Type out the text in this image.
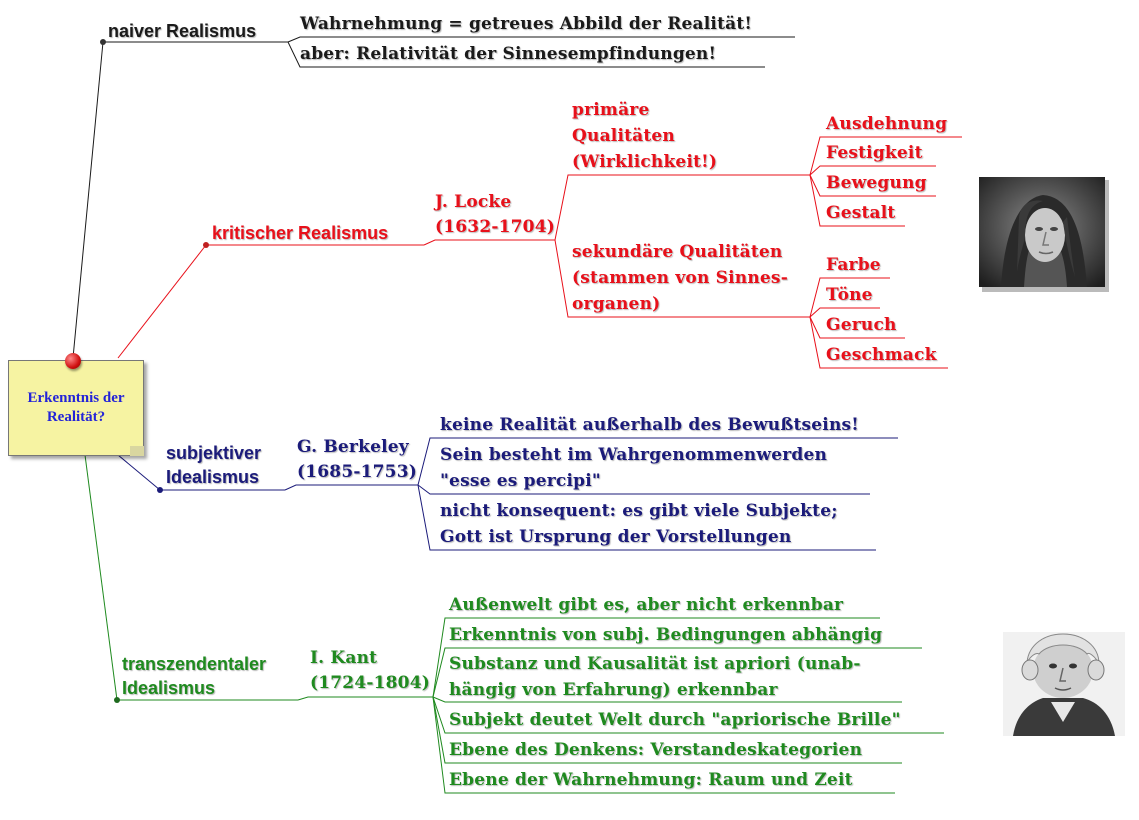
Erkenntnis der
Realität?
naiver Realismus	Wahrnehmung = getreues Abbild der Realität!
aber: Relativität der Sinnesempfindungen!
kritischer Realismus
J. Locke
(1632-1704)
primäre
Qualitäten
(Wirklichkeit!)
sekundäre Qualitäten
(stammen von Sinnes-
organen)
Ausdehnung
Festigkeit
Bewegung
Gestalt
Farbe
Töne
Geruch
Geschmack
subjektiver
Idealismus
G. Berkeley
(1685-1753)
keine Realität außerhalb des Bewußtseins!
Sein besteht im Wahrgenommenwerden
"esse es percipi"
nicht konsequent: es gibt viele Subjekte;
Gott ist Ursprung der Vorstellungen
transzendentaler
Idealismus
I. Kant
(1724-1804)
Außenwelt gibt es, aber nicht erkennbar
Erkenntnis von subj. Bedingungen abhängig
Substanz und Kausalität ist apriori (unab-
hängig von Erfahrung) erkennbar
Subjekt deutet Welt durch "apriorische Brille"
Ebene des Denkens: Verstandeskategorien
Ebene der Wahrnehmung: Raum und Zeit
